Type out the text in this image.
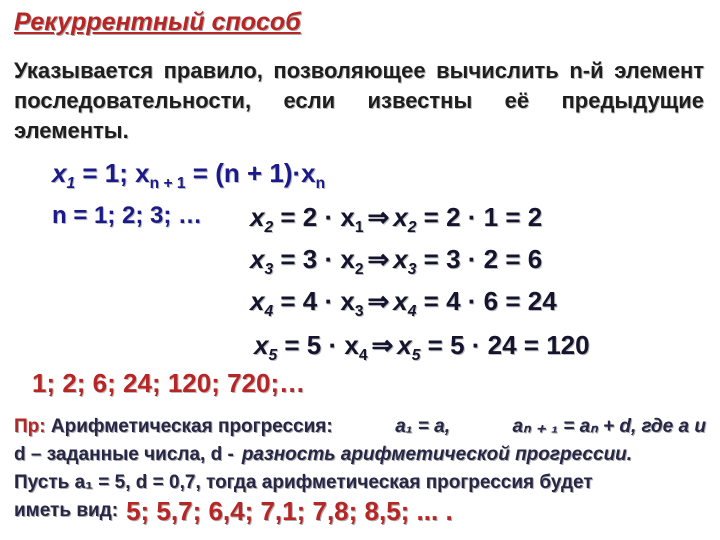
Рекуррентный способ
Указывается правило, позволяющее вычислить n-й элемент последовательности, если известны её предыдущие элементы.
$x_1 = 1$; $x_{n + 1} = (n + 1)\cdot x_n$
n = 1; 2; 3; … $x_2 = 2 \cdot x_1$ ⇒ $x_2 = 2 \cdot 1 = 2$
$x_3 = 3 \cdot x_2$ ⇒ $x_3 = 3 \cdot 2 = 6$
$x_4 = 4 \cdot x_3$ ⇒ $x_4 = 4 \cdot 6 = 24$
$x_5 = 5 \cdot x_4$ ⇒ $x_5 = 5 \cdot 24 = 120$
1; 2; 6; 24; 120; 720;…
Пр: Арифметическая прогрессия:	a₁ = a,	aₙ ₊ ₁ = aₙ + d, где a и
d – заданные числа, d - разность арифметической прогрессии.
Пусть a₁ = 5, d = 0,7, тогда арифметическая прогрессия будет
иметь вид: 5; 5,7; 6,4; 7,1; 7,8; 8,5; ... .
